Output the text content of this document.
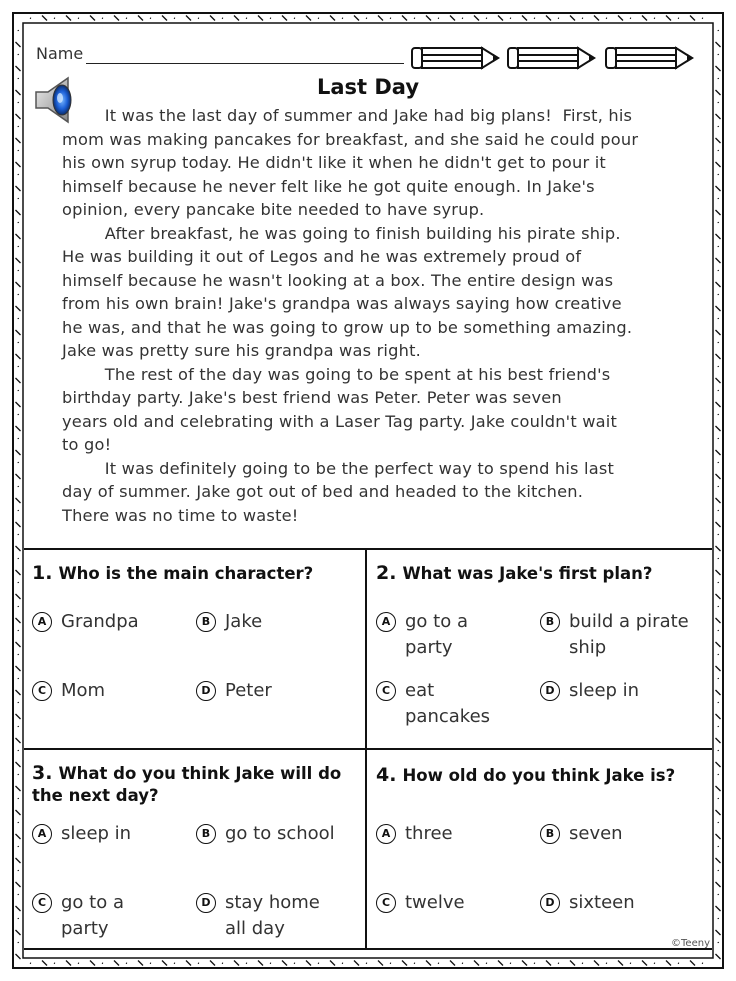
Name
Last Day

It was the last day of summer and Jake had big plans!  First, his

mom was making pancakes for breakfast, and she said he could pour

his own syrup today. He didn't like it when he didn't get to pour it

himself because he never felt like he got quite enough. In Jake's

opinion, every pancake bite needed to have syrup.

After breakfast, he was going to finish building his pirate ship.

He was building it out of Legos and he was extremely proud of

himself because he wasn't looking at a box. The entire design was

from his own brain! Jake's grandpa was always saying how creative

he was, and that he was going to grow up to be something amazing.

Jake was pretty sure his grandpa was right.

The rest of the day was going to be spent at his best friend's

birthday party. Jake's best friend was Peter. Peter was seven

years old and celebrating with a Laser Tag party. Jake couldn't wait

to go!

It was definitely going to be the perfect way to spend his last

day of summer. Jake got out of bed and headed to the kitchen.

There was no time to waste!

1. Who is the main character?
A Grandpa	B Jake
C Mom	D Peter
2. What was Jake's first plan?
A go to a party
B build a pirate ship
C eat pancakes
D sleep in
3. What do you think Jake will do the next day?
A sleep in	B go to school
C go to a party
D stay home all day
4. How old do you think Jake is?
A three	B seven
C twelve	D sixteen
©Teeny
